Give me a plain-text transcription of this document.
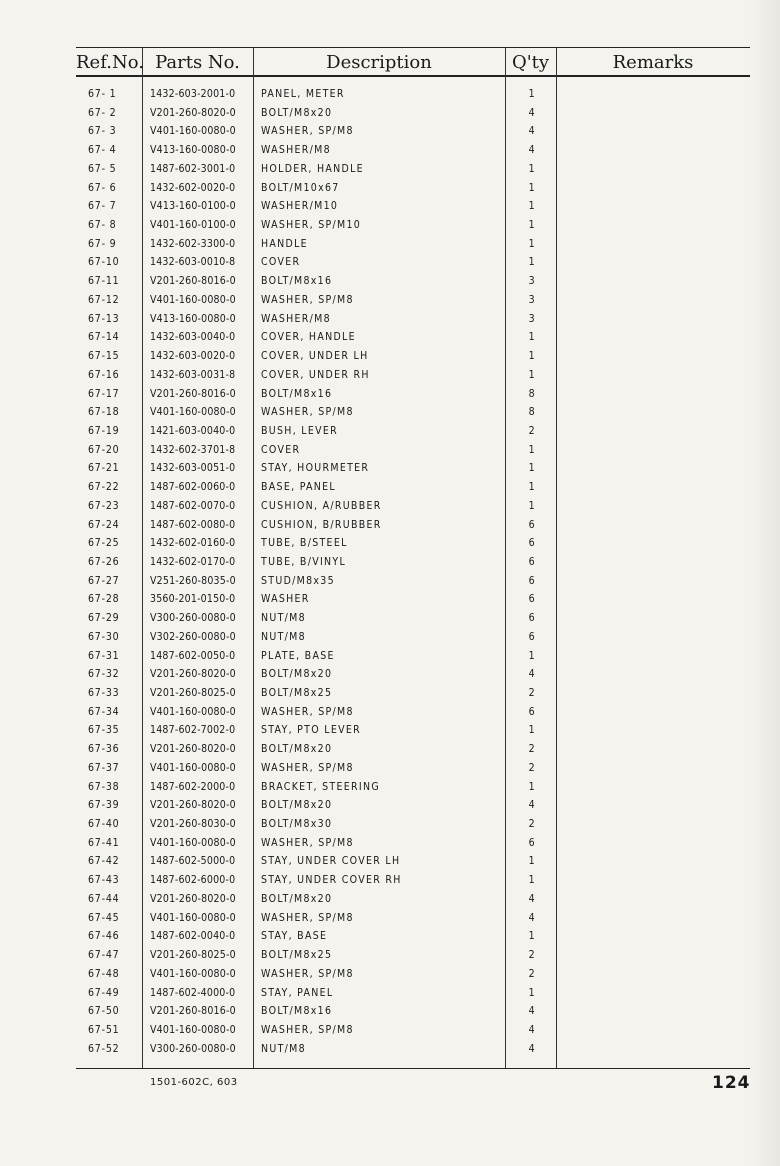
Ref.No. Parts No.	Description	Q'ty	Remarks
67- 1	1432-603-2001-0 PANEL, METER	1
67- 2	V201-260-8020-0 BOLT/M8x20	4
67- 3	V401-160-0080-0 WASHER, SP/M8	4
67- 4	V413-160-0080-0 WASHER/M8	4
67- 5	1487-602-3001-0 HOLDER, HANDLE	1
67- 6	1432-602-0020-0 BOLT/M10x67	1
67- 7	V413-160-0100-0 WASHER/M10	1
67- 8	V401-160-0100-0 WASHER, SP/M10	1
67- 9	1432-602-3300-0 HANDLE	1
67-10	1432-603-0010-8 COVER	1
67-11	V201-260-8016-0 BOLT/M8x16	3
67-12	V401-160-0080-0 WASHER, SP/M8	3
67-13	V413-160-0080-0 WASHER/M8	3
67-14	1432-603-0040-0 COVER, HANDLE	1
67-15	1432-603-0020-0 COVER, UNDER LH	1
67-16	1432-603-0031-8 COVER, UNDER RH	1
67-17	V201-260-8016-0 BOLT/M8x16	8
67-18	V401-160-0080-0 WASHER, SP/M8	8
67-19	1421-603-0040-0 BUSH, LEVER	2
67-20	1432-602-3701-8 COVER	1
67-21	1432-603-0051-0 STAY, HOURMETER	1
67-22	1487-602-0060-0 BASE, PANEL	1
67-23	1487-602-0070-0 CUSHION, A/RUBBER	1
67-24	1487-602-0080-0 CUSHION, B/RUBBER	6
67-25	1432-602-0160-0 TUBE, B/STEEL	6
67-26	1432-602-0170-0 TUBE, B/VINYL	6
67-27	V251-260-8035-0 STUD/M8x35	6
67-28	3560-201-0150-0 WASHER	6
67-29	V300-260-0080-0 NUT/M8	6
67-30	V302-260-0080-0 NUT/M8	6
67-31	1487-602-0050-0 PLATE, BASE	1
67-32	V201-260-8020-0 BOLT/M8x20	4
67-33	V201-260-8025-0 BOLT/M8x25	2
67-34	V401-160-0080-0 WASHER, SP/M8	6
67-35	1487-602-7002-0 STAY, PTO LEVER	1
67-36	V201-260-8020-0 BOLT/M8x20	2
67-37	V401-160-0080-0 WASHER, SP/M8	2
67-38	1487-602-2000-0 BRACKET, STEERING	1
67-39	V201-260-8020-0 BOLT/M8x20	4
67-40	V201-260-8030-0 BOLT/M8x30	2
67-41	V401-160-0080-0 WASHER, SP/M8	6
67-42	1487-602-5000-0 STAY, UNDER COVER LH	1
67-43	1487-602-6000-0 STAY, UNDER COVER RH	1
67-44	V201-260-8020-0 BOLT/M8x20	4
67-45	V401-160-0080-0 WASHER, SP/M8	4
67-46	1487-602-0040-0 STAY, BASE	1
67-47	V201-260-8025-0 BOLT/M8x25	2
67-48	V401-160-0080-0 WASHER, SP/M8	2
67-49	1487-602-4000-0 STAY, PANEL	1
67-50	V201-260-8016-0 BOLT/M8x16	4
67-51	V401-160-0080-0 WASHER, SP/M8	4
67-52	V300-260-0080-0 NUT/M8	4
1501-602C, 603	124
